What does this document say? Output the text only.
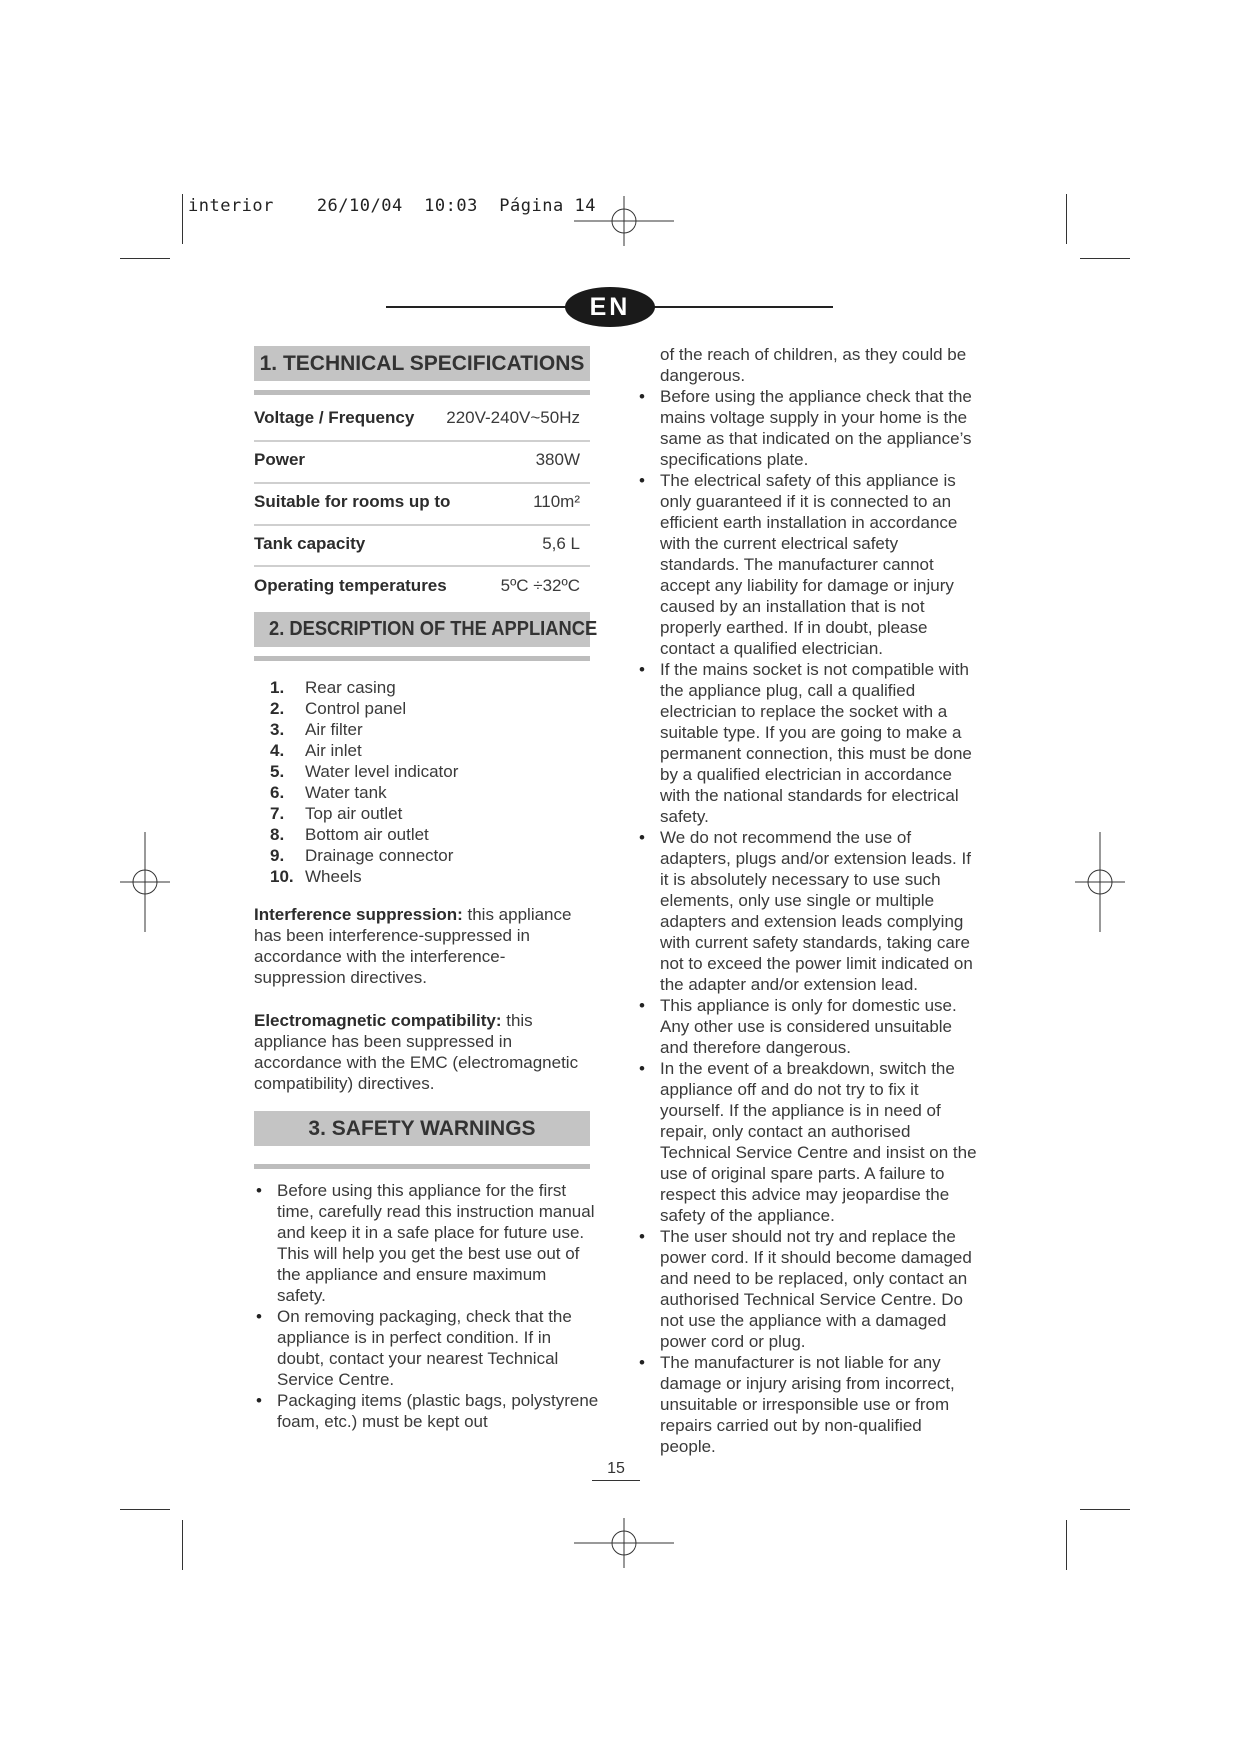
interior    26/10/04  10:03  Página 14
EN
1. TECHNICAL SPECIFICATIONS
Voltage / Frequency 220V-240V~50Hz
Power	380W
Suitable for rooms up to	110m²
Tank capacity	5,6 L
Operating temperatures	5ºC ÷32ºC
2. DESCRIPTION OF THE APPLIANCE
1. Rear casing
2. Control panel
3. Air filter
4. Air inlet
5. Water level indicator
6. Water tank
7. Top air outlet
8. Bottom air outlet
9. Drainage connector
10. Wheels

Interference suppression: this appliance has been interference-suppressed in accordance with the interference-suppression directives.

Electromagnetic compatibility: this appliance has been suppressed in accordance with the EMC (electromagnetic compatibility) directives.

3. SAFETY WARNINGS
• Before using this appliance for the first time, carefully read this instruction manual and keep it in a safe place for future use. This will help you get the best use out of the appliance and ensure maximum safety.
• On removing packaging, check that the appliance is in perfect condition. If in doubt, contact your nearest Technical Service Centre.
• Packaging items (plastic bags, polystyrene foam, etc.) must be kept out
of the reach of children, as they could be dangerous.
• Before using the appliance check that the mains voltage supply in your home is the same as that indicated on the appliance’s specifications plate.
• The electrical safety of this appliance is only guaranteed if it is connected to an efficient earth installation in accordance with the current electrical safety standards. The manufacturer cannot accept any liability for damage or injury caused by an installation that is not properly earthed. If in doubt, please contact a qualified electrician.
• If the mains socket is not compatible with the appliance plug, call a qualified electrician to replace the socket with a suitable type. If you are going to make a permanent connection, this must be done by a qualified electrician in accordance with the national standards for electrical safety.
• We do not recommend the use of adapters, plugs and/or extension leads. If it is absolutely necessary to use such elements, only use single or multiple adapters and extension leads complying with current safety standards, taking care not to exceed the power limit indicated on the adapter and/or extension lead.
• This appliance is only for domestic use. Any other use is considered unsuitable and therefore dangerous.
• In the event of a breakdown, switch the appliance off and do not try to fix it yourself. If the appliance is in need of repair, only contact an authorised Technical Service Centre and insist on the use of original spare parts. A failure to respect this advice may jeopardise the safety of the appliance.
• The user should not try and replace the power cord. If it should become damaged and need to be replaced, only contact an authorised Technical Service Centre. Do not use the appliance with a damaged power cord or plug.
• The manufacturer is not liable for any damage or injury arising from incorrect, unsuitable or irresponsible use or from repairs carried out by non-qualified people.
15
